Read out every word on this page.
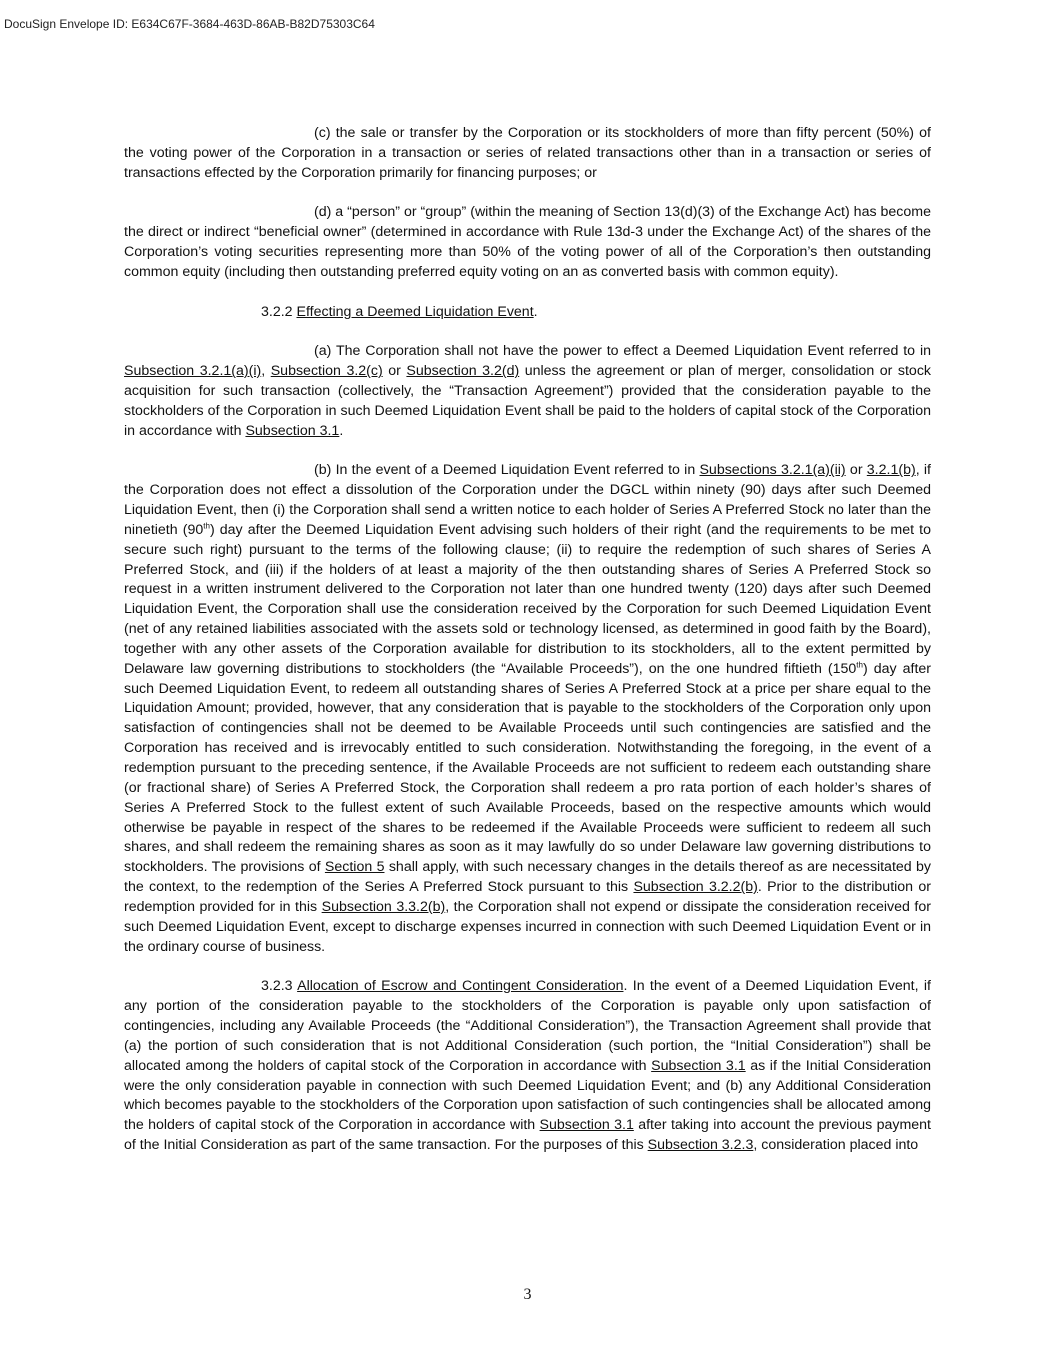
DocuSign Envelope ID: E634C67F-3684-463D-86AB-B82D75303C64

(c) the sale or transfer by the Corporation or its stockholders of more than fifty percent (50%) of the voting power of the Corporation in a transaction or series of related transactions other than in a transaction or series of transactions effected by the Corporation primarily for financing purposes; or

(d) a “person” or “group” (within the meaning of Section 13(d)(3) of the Exchange Act) has become the direct or indirect “beneficial owner” (determined in accordance with Rule 13d-3 under the Exchange Act) of the shares of the Corporation’s voting securities representing more than 50% of the voting power of all of the Corporation’s then outstanding common equity (including then outstanding preferred equity voting on an as converted basis with common equity).

3.2.2 Effecting a Deemed Liquidation Event.

(a) The Corporation shall not have the power to effect a Deemed Liquidation Event referred to in Subsection 3.2.1(a)(i), Subsection 3.2(c) or Subsection 3.2(d) unless the agreement or plan of merger, consolidation or stock acquisition for such transaction (collectively, the “Transaction Agreement”) provided that the consideration payable to the stockholders of the Corporation in such Deemed Liquidation Event shall be paid to the holders of capital stock of the Corporation in accordance with Subsection 3.1.

(b) In the event of a Deemed Liquidation Event referred to in Subsections 3.2.1(a)(ii) or 3.2.1(b), if the Corporation does not effect a dissolution of the Corporation under the DGCL within ninety (90) days after such Deemed Liquidation Event, then (i) the Corporation shall send a written notice to each holder of Series A Preferred Stock no later than the ninetieth (90th) day after the Deemed Liquidation Event advising such holders of their right (and the requirements to be met to secure such right) pursuant to the terms of the following clause; (ii) to require the redemption of such shares of Series A Preferred Stock, and (iii) if the holders of at least a majority of the then outstanding shares of Series A Preferred Stock so request in a written instrument delivered to the Corporation not later than one hundred twenty (120) days after such Deemed Liquidation Event, the Corporation shall use the consideration received by the Corporation for such Deemed Liquidation Event (net of any retained liabilities associated with the assets sold or technology licensed, as determined in good faith by the Board), together with any other assets of the Corporation available for distribution to its stockholders, all to the extent permitted by Delaware law governing distributions to stockholders (the “Available Proceeds”), on the one hundred fiftieth (150th) day after such Deemed Liquidation Event, to redeem all outstanding shares of Series A Preferred Stock at a price per share equal to the Liquidation Amount; provided, however, that any consideration that is payable to the stockholders of the Corporation only upon satisfaction of contingencies shall not be deemed to be Available Proceeds until such contingencies are satisfied and the Corporation has received and is irrevocably entitled to such consideration. Notwithstanding the foregoing, in the event of a redemption pursuant to the preceding sentence, if the Available Proceeds are not sufficient to redeem each outstanding share (or fractional share) of Series A Preferred Stock, the Corporation shall redeem a pro rata portion of each holder’s shares of Series A Preferred Stock to the fullest extent of such Available Proceeds, based on the respective amounts which would otherwise be payable in respect of the shares to be redeemed if the Available Proceeds were sufficient to redeem all such shares, and shall redeem the remaining shares as soon as it may lawfully do so under Delaware law governing distributions to stockholders. The provisions of Section 5 shall apply, with such necessary changes in the details thereof as are necessitated by the context, to the redemption of the Series A Preferred Stock pursuant to this Subsection 3.2.2(b). Prior to the distribution or redemption provided for in this Subsection 3.3.2(b), the Corporation shall not expend or dissipate the consideration received for such Deemed Liquidation Event, except to discharge expenses incurred in connection with such Deemed Liquidation Event or in the ordinary course of business.

3.2.3 Allocation of Escrow and Contingent Consideration. In the event of a Deemed Liquidation Event, if any portion of the consideration payable to the stockholders of the Corporation is payable only upon satisfaction of contingencies, including any Available Proceeds (the “Additional Consideration”), the Transaction Agreement shall provide that (a) the portion of such consideration that is not Additional Consideration (such portion, the “Initial Consideration”) shall be allocated among the holders of capital stock of the Corporation in accordance with Subsection 3.1 as if the Initial Consideration were the only consideration payable in connection with such Deemed Liquidation Event; and (b) any Additional Consideration which becomes payable to the stockholders of the Corporation upon satisfaction of such contingencies shall be allocated among the holders of capital stock of the Corporation in accordance with Subsection 3.1 after taking into account the previous payment of the Initial Consideration as part of the same transaction. For the purposes of this Subsection 3.2.3, consideration placed into

3
